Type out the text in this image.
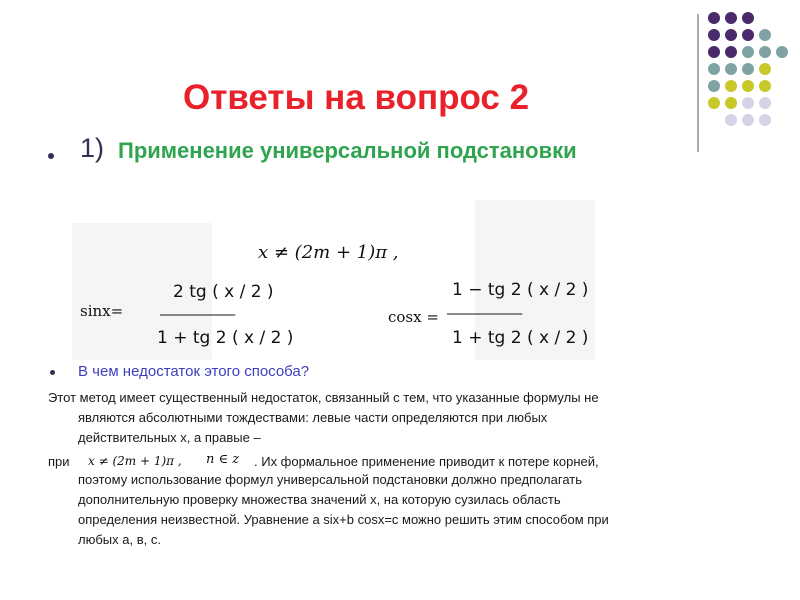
Ответы на вопрос 2
1) Применение универсальной подстановки
x ≠ (2m + 1)π ,
sinx=
2 tg ( x / 2 )
——————————
1 + tg 2 ( x / 2 )
cosx =
1 − tg 2 ( x / 2 )
——————————
1 + tg 2 ( x / 2 )
В чем недостаток этого способа?
Этот метод имеет существенный недостаток, связанный с тем, что указанные формулы не
являются абсолютными тождествами: левые части определяются при любых
действительных х, а правые –
при x ≠ (2m + 1)π , n ∈ z . Их формальное применение приводит к потере корней,
поэтому использование формул универсальной подстановки должно предполагать
дополнительную проверку множества значений х, на которую сузилась область
определения неизвестной. Уравнение a six+b cosx=c можно решить этим способом при
любых а, в, с.
